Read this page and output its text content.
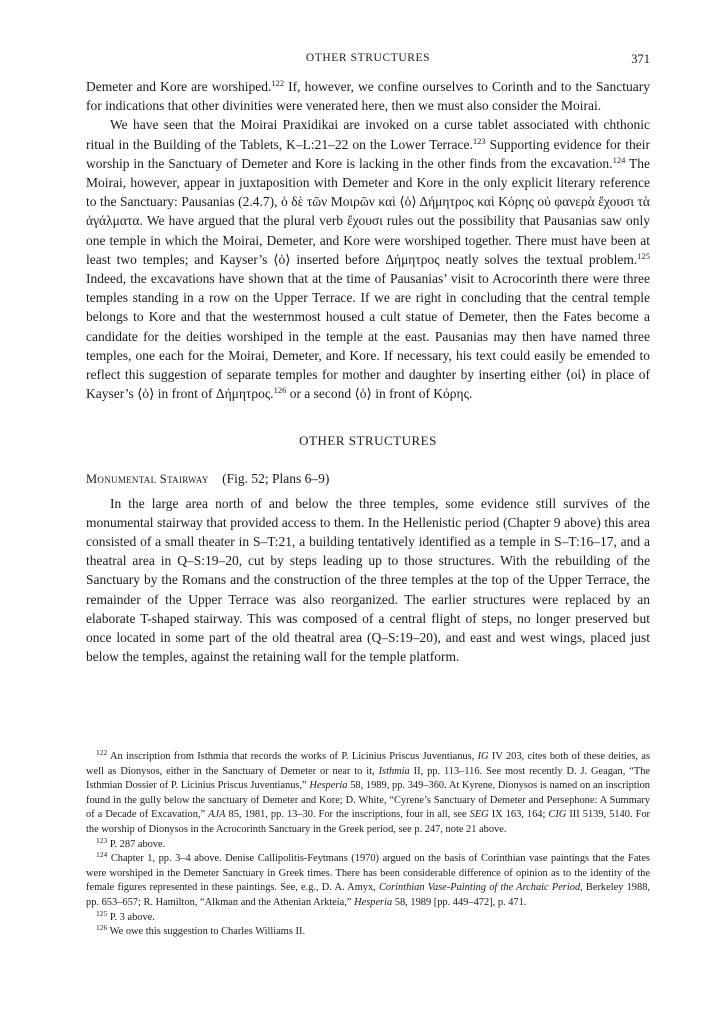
OTHER STRUCTURES	371

Demeter and Kore are worshiped.$^{122}$ If, however, we confine ourselves to Corinth and to the Sanctuary for indications that other divinities were venerated here, then we must also consider the Moirai.

We have seen that the Moirai Praxidikai are invoked on a curse tablet associated with chthonic ritual in the Building of the Tablets, K–L:21–22 on the Lower Terrace.$^{123}$ Supporting evidence for their worship in the Sanctuary of Demeter and Kore is lacking in the other finds from the excavation.$^{124}$ The Moirai, however, appear in juxtaposition with Demeter and Kore in the only explicit literary reference to the Sanctuary: Pausanias (2.4.7), ὁ δὲ τῶν Μοιρῶν καὶ ⟨ὁ⟩ Δήμητρος καὶ Κόρης οὐ φανερὰ ἔχουσι τὰ ἀγάλματα. We have argued that the plural verb ἔχουσι rules out the possibility that Pausanias saw only one temple in which the Moirai, Demeter, and Kore were worshiped together. There must have been at least two temples; and Kayser’s ⟨ὁ⟩ inserted before Δήμητρος neatly solves the textual problem.$^{125}$ Indeed, the excavations have shown that at the time of Pausanias’ visit to Acrocorinth there were three temples standing in a row on the Upper Terrace. If we are right in concluding that the central temple belongs to Kore and that the westernmost housed a cult statue of Demeter, then the Fates become a candidate for the deities worshiped in the temple at the east. Pausanias may then have named three temples, one each for the Moirai, Demeter, and Kore. If necessary, his text could easily be emended to reflect this suggestion of separate temples for mother and daughter by inserting either ⟨οἱ⟩ in place of Kayser’s ⟨ὁ⟩ in front of Δήμητρος.$^{126}$ or a second ⟨ὁ⟩ in front of Κόρης.

OTHER STRUCTURES

Monumental Stairway (Fig. 52; Plans 6–9)

In the large area north of and below the three temples, some evidence still survives of the monumental stairway that provided access to them. In the Hellenistic period (Chapter 9 above) this area consisted of a small theater in S–T:21, a building tentatively identified as a temple in S–T:16–17, and a theatral area in Q–S:19–20, cut by steps leading up to those structures. With the rebuilding of the Sanctuary by the Romans and the construction of the three temples at the top of the Upper Terrace, the remainder of the Upper Terrace was also reorganized. The earlier structures were replaced by an elaborate T-shaped stairway. This was composed of a central flight of steps, no longer preserved but once located in some part of the old theatral area (Q–S:19–20), and east and west wings, placed just below the temples, against the retaining wall for the temple platform.

$^{122}$ An inscription from Isthmia that records the works of P. Licinius Priscus Juventianus, IG IV 203, cites both of these deities, as well as Dionysos, either in the Sanctuary of Demeter or near to it, Isthmia II, pp. 113–116. See most recently D. J. Geagan, “The Isthmian Dossier of P. Licinius Priscus Juventianus,” Hesperia 58, 1989, pp. 349–360. At Kyrene, Dionysos is named on an inscription found in the gully below the sanctuary of Demeter and Kore; D. White, “Cyrene’s Sanctuary of Demeter and Persephone: A Summary of a Decade of Excavation,” AJA 85, 1981, pp. 13–30. For the inscriptions, four in all, see SEG IX 163, 164; CIG III 5139, 5140. For the worship of Dionysos in the Acrocorinth Sanctuary in the Greek period, see p. 247, note 21 above.

$^{123}$ P. 287 above.

$^{124}$ Chapter 1, pp. 3–4 above. Denise Callipolitis-Feytmans (1970) argued on the basis of Corinthian vase paintings that the Fates were worshiped in the Demeter Sanctuary in Greek times. There has been considerable difference of opinion as to the identity of the female figures represented in these paintings. See, e.g., D. A. Amyx, Corinthian Vase-Painting of the Archaic Period, Berkeley 1988, pp. 653–657; R. Hamilton, “Alkman and the Athenian Arkteia,” Hesperia 58, 1989 [pp. 449–472], p. 471.

$^{125}$ P. 3 above.

$^{126}$ We owe this suggestion to Charles Williams II.
